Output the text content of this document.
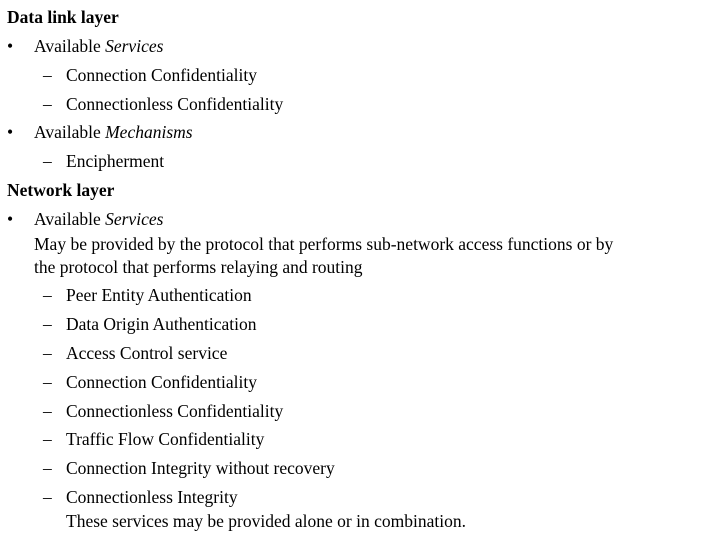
Data link layer
• Available Services
– Connection Confidentiality
– Connectionless Confidentiality
• Available Mechanisms
– Encipherment
Network layer
• Available Services
May be provided by the protocol that performs sub-network access functions or by
the protocol that performs relaying and routing
– Peer Entity Authentication
– Data Origin Authentication
– Access Control service
– Connection Confidentiality
– Connectionless Confidentiality
– Traffic Flow Confidentiality
– Connection Integrity without recovery
– Connectionless Integrity
These services may be provided alone or in combination.
